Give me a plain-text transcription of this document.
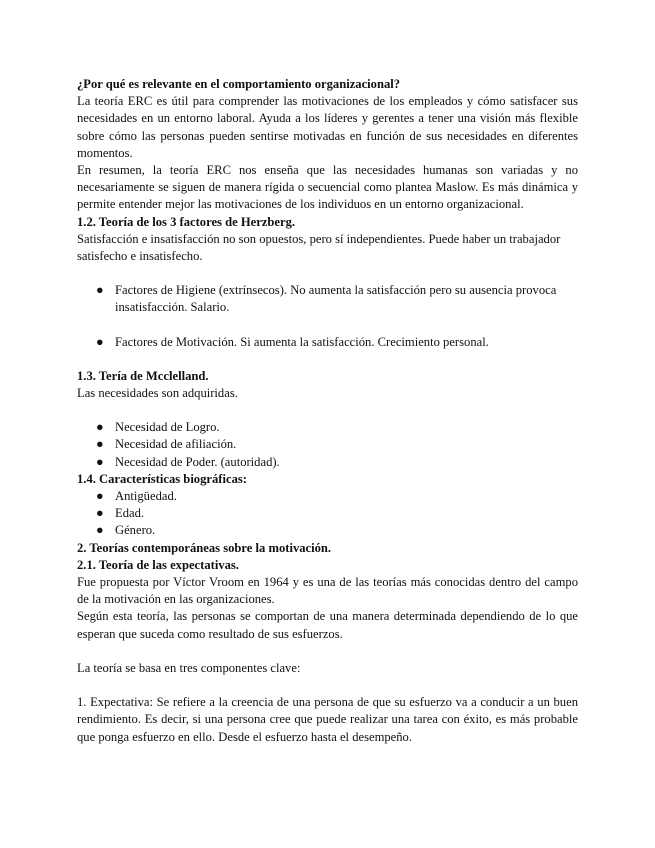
¿Por qué es relevante en el comportamiento organizacional?

La teoría ERC es útil para comprender las motivaciones de los empleados y cómo satisfacer sus necesidades en un entorno laboral. Ayuda a los líderes y gerentes a tener una visión más flexible sobre cómo las personas pueden sentirse motivadas en función de sus necesidades en diferentes momentos.

En resumen, la teoría ERC nos enseña que las necesidades humanas son variadas y no necesariamente se siguen de manera rígida o secuencial como plantea Maslow. Es más dinámica y permite entender mejor las motivaciones de los individuos en un entorno organizacional.

1.2. Teoría de los 3 factores de Herzberg.

Satisfacción e insatisfacción no son opuestos, pero sí independientes. Puede haber un trabajador satisfecho e insatisfecho.

● Factores de Higiene (extrínsecos). No aumenta la satisfacción pero su ausencia provoca insatisfacción. Salario.
● Factores de Motivación. Si aumenta la satisfacción. Crecimiento personal.

1.3. Tería de Mcclelland.

Las necesidades son adquiridas.

● Necesidad de Logro.
● Necesidad de afiliación.
● Necesidad de Poder. (autoridad).

1.4. Características biográficas:

● Antigüedad.
● Edad.
● Género.

2. Teorías contemporáneas sobre la motivación.

2.1. Teoría de las expectativas.

Fue propuesta por Víctor Vroom en 1964 y es una de las teorías más conocidas dentro del campo de la motivación en las organizaciones.

Según esta teoría, las personas se comportan de una manera determinada dependiendo de lo que esperan que suceda como resultado de sus esfuerzos.

La teoría se basa en tres componentes clave:

1. Expectativa: Se refiere a la creencia de una persona de que su esfuerzo va a conducir a un buen rendimiento. Es decir, si una persona cree que puede realizar una tarea con éxito, es más probable que ponga esfuerzo en ello. Desde el esfuerzo hasta el desempeño.
